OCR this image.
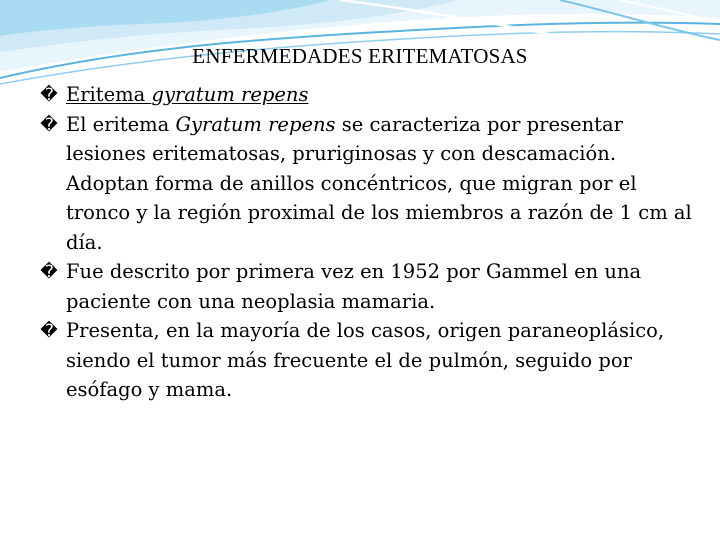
ENFERMEDADES ERITEMATOSAS

� Eritema gyratum repens

� El eritema Gyratum repens se caracteriza por presentar lesiones eritematosas, pruriginosas y con descamación. Adoptan forma de anillos concéntricos, que migran por el tronco y la región proximal de los miembros a razón de 1 cm al día.

� Fue descrito por primera vez en 1952 por Gammel en una paciente con una neoplasia mamaria.

� Presenta, en la mayoría de los casos, origen paraneoplásico, siendo el tumor más frecuente el de pulmón, seguido por esófago y mama.
